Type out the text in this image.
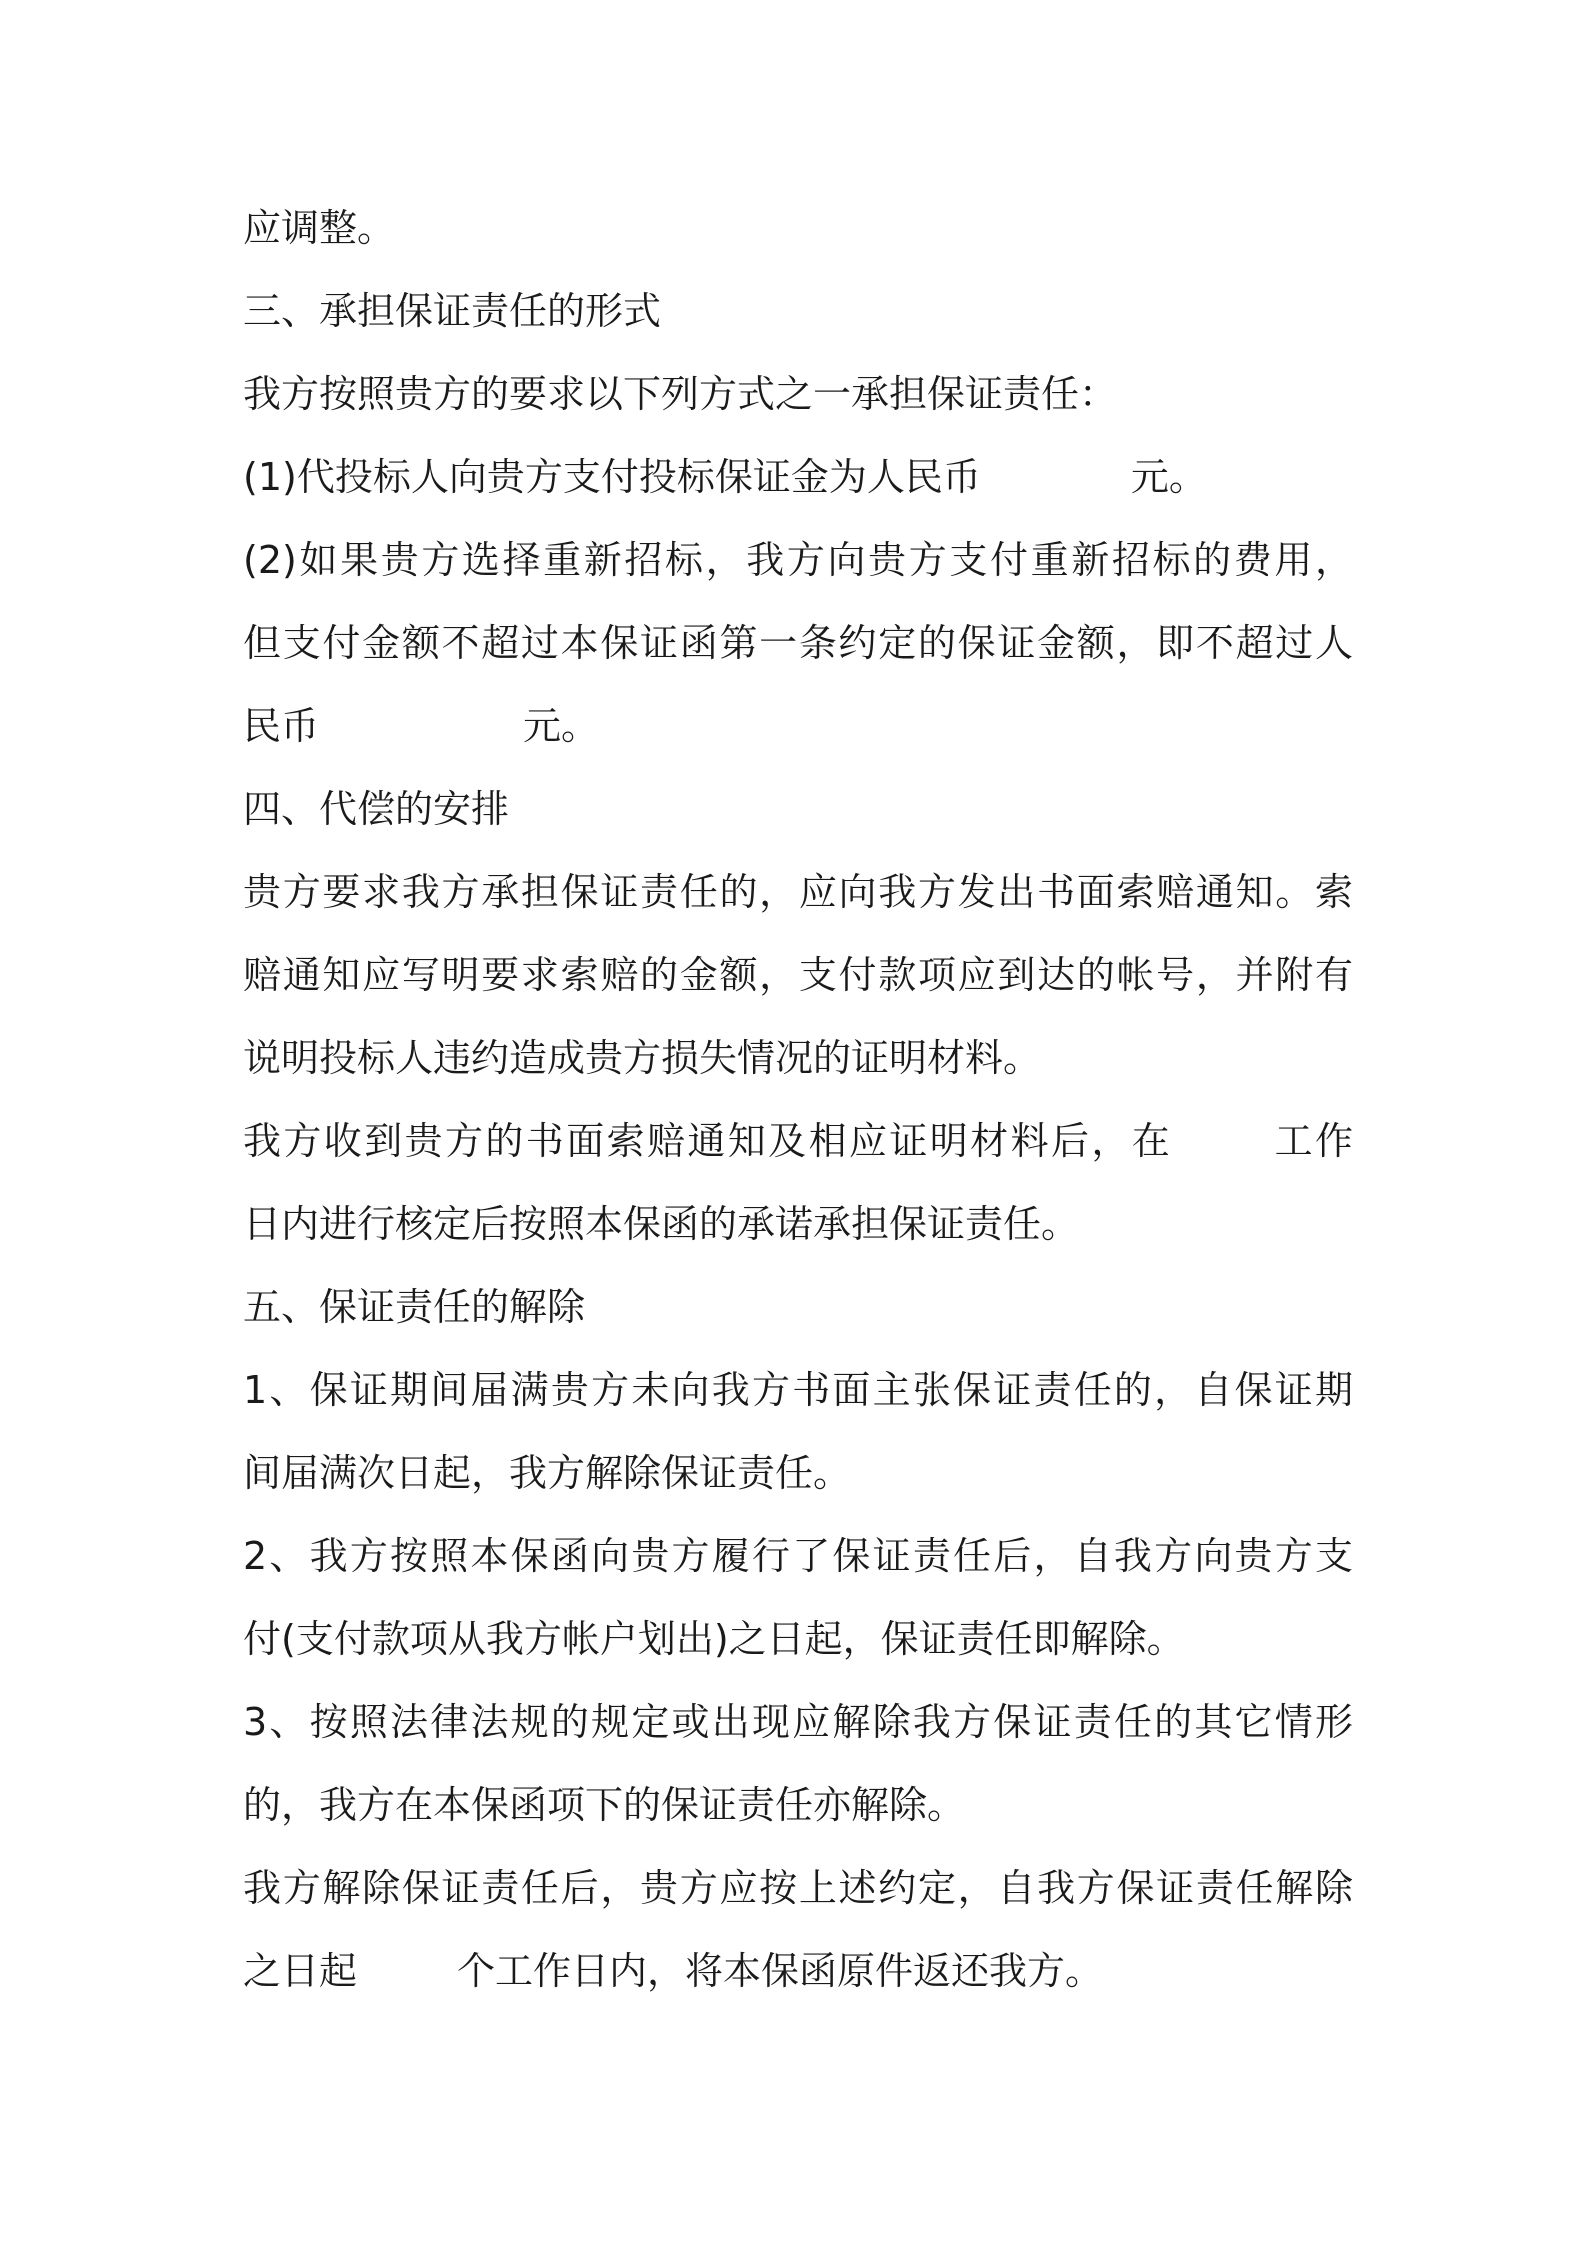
应调整。
三、承担保证责任的形式
我方按照贵方的要求以下列方式之一承担保证责任：
(1)代投标人向贵方支付投标保证金为人民币	元。
(2)如果贵方选择重新招标，我方向贵方支付重新招标的费用，
但支付金额不超过本保证函第一条约定的保证金额，即不超过人
民币	元。
四、代偿的安排
贵方要求我方承担保证责任的，应向我方发出书面索赔通知。索
赔通知应写明要求索赔的金额，支付款项应到达的帐号，并附有
说明投标人违约造成贵方损失情况的证明材料。
我方收到贵方的书面索赔通知及相应证明材料后，在	工作
日内进行核定后按照本保函的承诺承担保证责任。
五、保证责任的解除
1、保证期间届满贵方未向我方书面主张保证责任的，自保证期
间届满次日起，我方解除保证责任。
2、我方按照本保函向贵方履行了保证责任后，自我方向贵方支
付(支付款项从我方帐户划出)之日起，保证责任即解除。
3、按照法律法规的规定或出现应解除我方保证责任的其它情形
的，我方在本保函项下的保证责任亦解除。
我方解除保证责任后，贵方应按上述约定，自我方保证责任解除
之日起	个工作日内，将本保函原件返还我方。
